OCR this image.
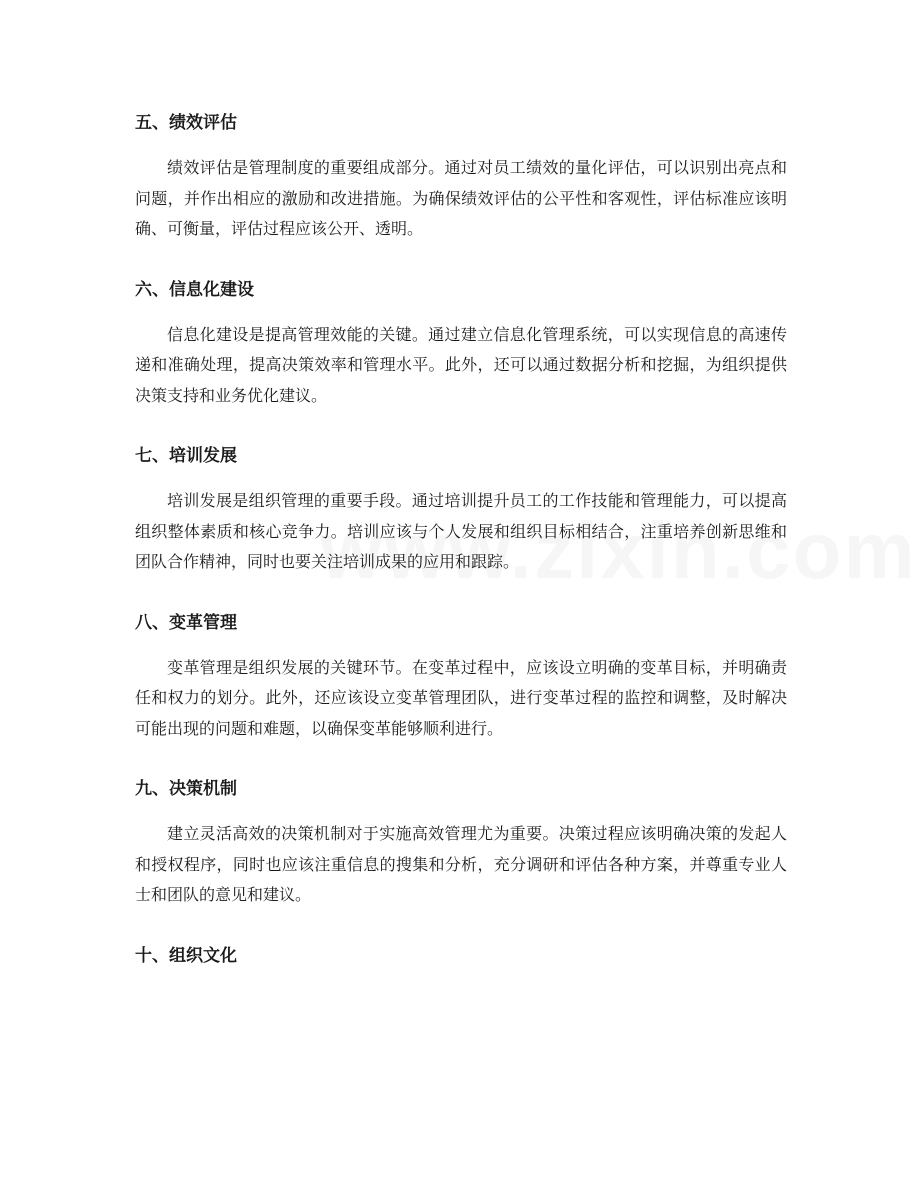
五、绩效评估

绩效评估是管理制度的重要组成部分。通过对员工绩效的量化评估，可以识别出亮点和问题，并作出相应的激励和改进措施。为确保绩效评估的公平性和客观性，评估标准应该明确、可衡量，评估过程应该公开、透明。

六、信息化建设

信息化建设是提高管理效能的关键。通过建立信息化管理系统，可以实现信息的高速传递和准确处理，提高决策效率和管理水平。此外，还可以通过数据分析和挖掘，为组织提供决策支持和业务优化建议。

七、培训发展

培训发展是组织管理的重要手段。通过培训提升员工的工作技能和管理能力，可以提高组织整体素质和核心竞争力。培训应该与个人发展和组织目标相结合，注重培养创新思维和团队合作精神，同时也要关注培训成果的应用和跟踪。

八、变革管理

变革管理是组织发展的关键环节。在变革过程中，应该设立明确的变革目标，并明确责任和权力的划分。此外，还应该设立变革管理团队，进行变革过程的监控和调整，及时解决可能出现的问题和难题，以确保变革能够顺利进行。

九、决策机制

建立灵活高效的决策机制对于实施高效管理尤为重要。决策过程应该明确决策的发起人和授权程序，同时也应该注重信息的搜集和分析，充分调研和评估各种方案，并尊重专业人士和团队的意见和建议。

十、组织文化
